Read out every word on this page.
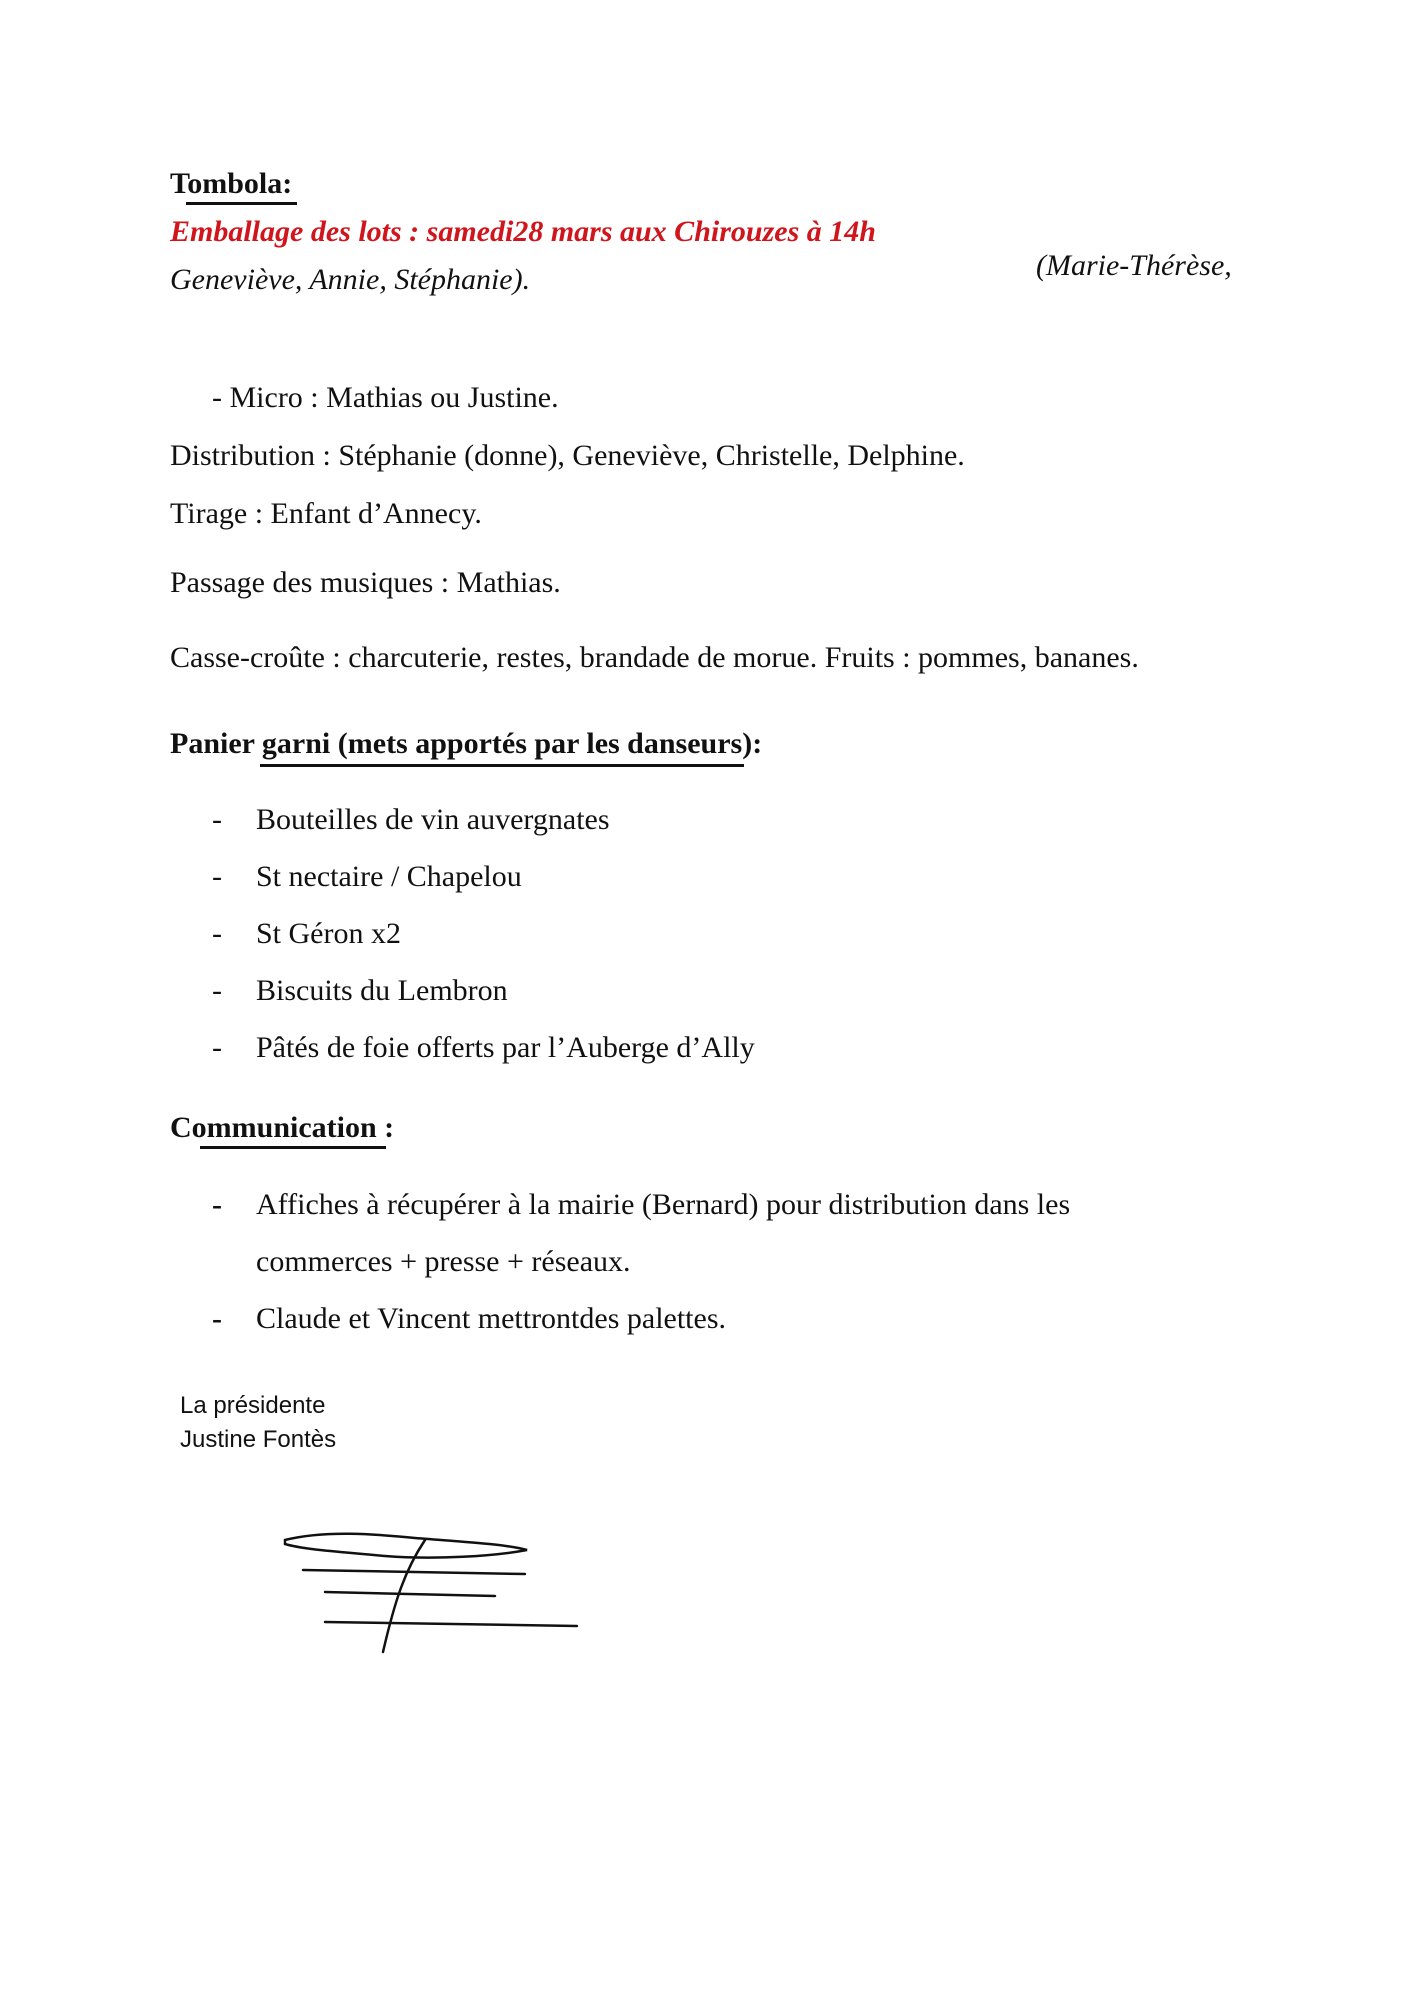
Tombola:
Emballage des lots : samedi28 mars aux Chirouzes à 14h
(Marie-Thérèse,
Geneviève, Annie, Stéphanie).
- Micro : Mathias ou Justine.
Distribution : Stéphanie (donne), Geneviève, Christelle, Delphine.
Tirage : Enfant d’Annecy.
Passage des musiques : Mathias.
Casse-croûte : charcuterie, restes, brandade de morue. Fruits : pommes, bananes.
Panier garni (mets apportés par les danseurs):
- Bouteilles de vin auvergnates
- St nectaire / Chapelou
- St Géron x2
- Biscuits du Lembron
- Pâtés de foie offerts par l’Auberge d’Ally
Communication :
- Affiches à récupérer à la mairie (Bernard) pour distribution dans les
commerces + presse + réseaux.
- Claude et Vincent mettrontdes palettes.
La présidente
Justine Fontès
